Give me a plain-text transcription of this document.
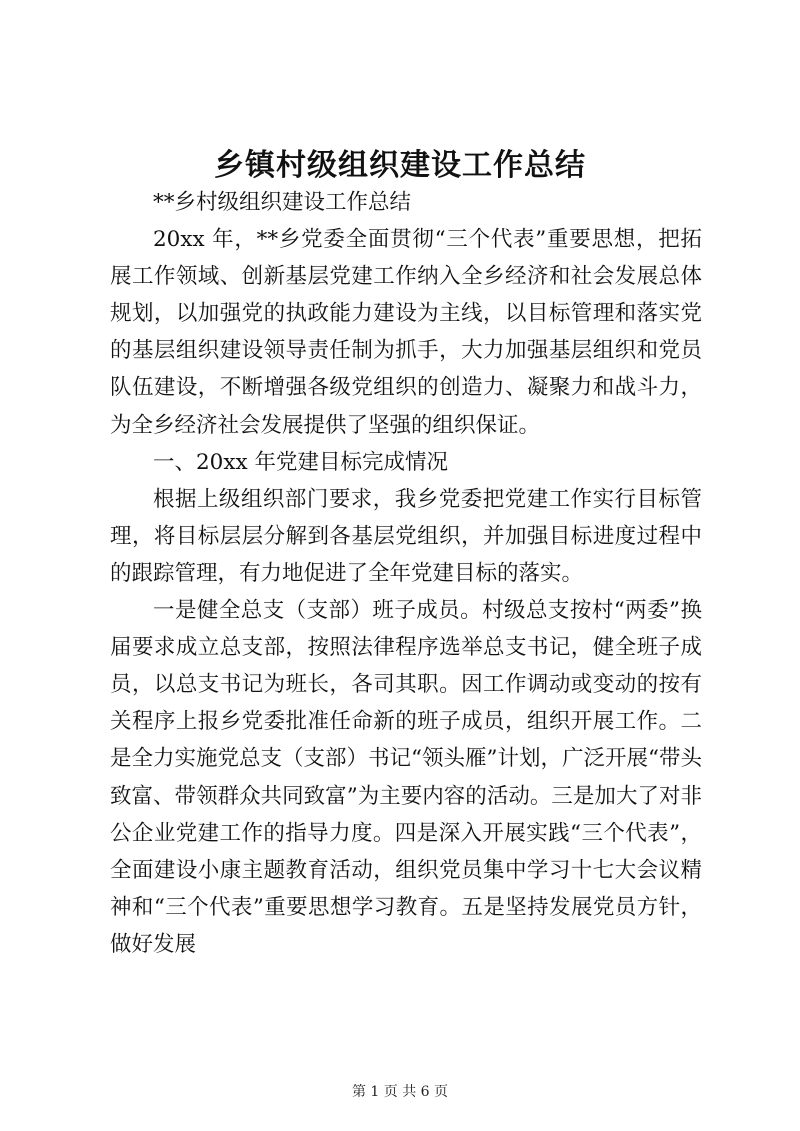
乡镇村级组织建设工作总结

**乡村级组织建设工作总结

20xx 年，**乡党委全面贯彻“三个代表”重要思想，把拓展工作领域、创新基层党建工作纳入全乡经济和社会发展总体规划，以加强党的执政能力建设为主线，以目标管理和落实党的基层组织建设领导责任制为抓手，大力加强基层组织和党员队伍建设，不断增强各级党组织的创造力、凝聚力和战斗力，为全乡经济社会发展提供了坚强的组织保证。

一、20xx 年党建目标完成情况

根据上级组织部门要求，我乡党委把党建工作实行目标管理，将目标层层分解到各基层党组织，并加强目标进度过程中的跟踪管理，有力地促进了全年党建目标的落实。

一是健全总支（支部）班子成员。村级总支按村“两委”换届要求成立总支部，按照法律程序选举总支书记，健全班子成员，以总支书记为班长，各司其职。因工作调动或变动的按有关程序上报乡党委批准任命新的班子成员，组织开展工作。二是全力实施党总支（支部）书记“领头雁”计划，广泛开展“带头致富、带领群众共同致富”为主要内容的活动。三是加大了对非公企业党建工作的指导力度。四是深入开展实践“三个代表”，全面建设小康主题教育活动，组织党员集中学习十七大会议精神和“三个代表”重要思想学习教育。五是坚持发展党员方针，做好发展

第 1 页 共 6 页
